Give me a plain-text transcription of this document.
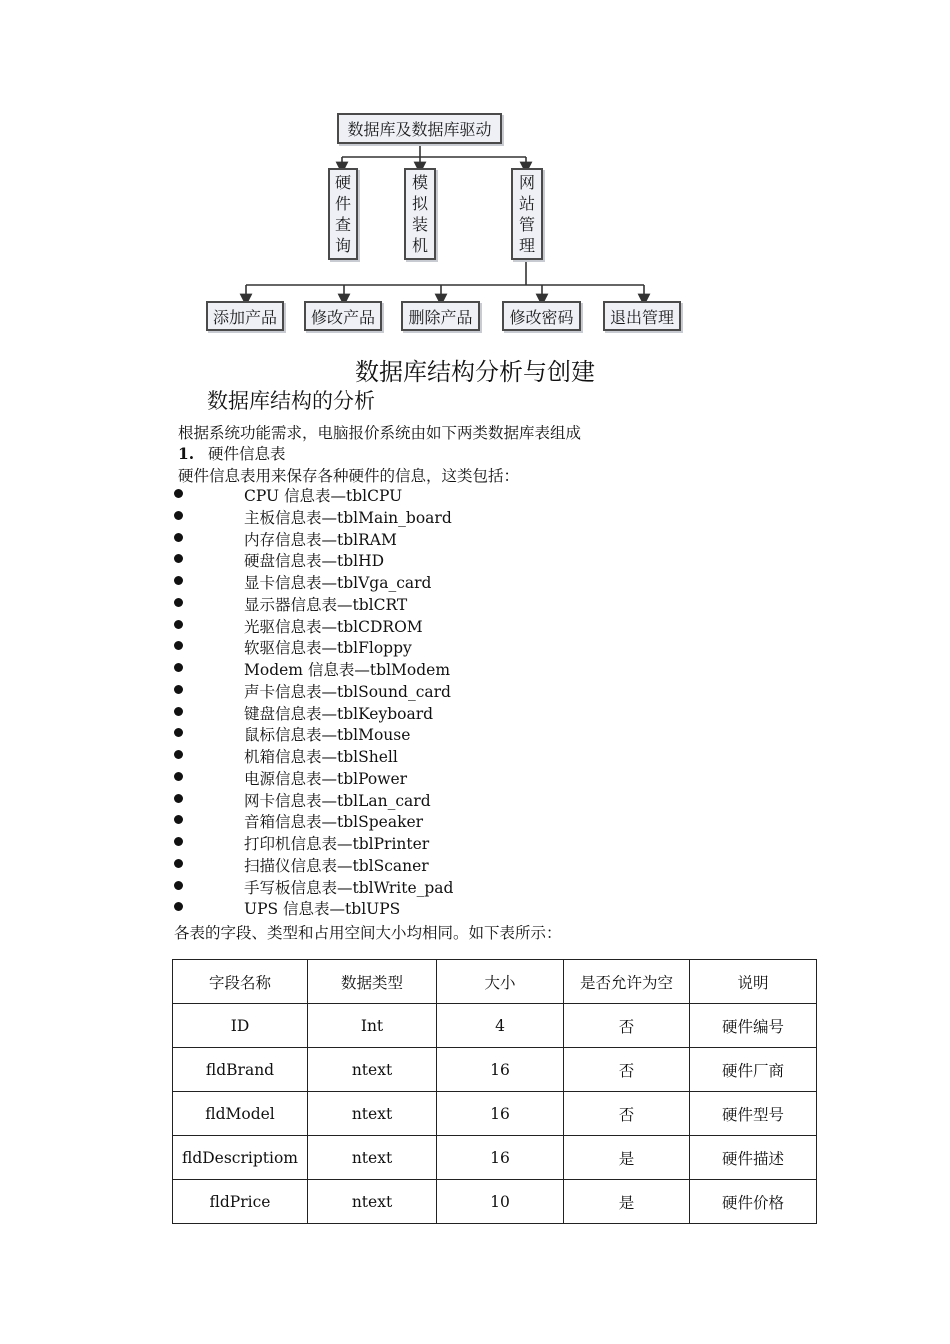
数据库及数据库驱动
硬
件
查
询
模
拟
装
机
网
站
管
理
添加产品 修改产品 删除产品 修改密码 退出管理
数据库结构分析与创建
数据库结构的分析
根据系统功能需求，电脑报价系统由如下两类数据库表组成
1. 硬件信息表
硬件信息表用来保存各种硬件的信息，这类包括：
CPU 信息表—tblCPU
主板信息表—tblMain_board
内存信息表—tblRAM
硬盘信息表—tblHD
显卡信息表—tblVga_card
显示器信息表—tblCRT
光驱信息表—tblCDROM
软驱信息表—tblFloppy
Modem 信息表—tblModem
声卡信息表—tblSound_card
键盘信息表—tblKeyboard
鼠标信息表—tblMouse
机箱信息表—tblShell
电源信息表—tblPower
网卡信息表—tblLan_card
音箱信息表—tblSpeaker
打印机信息表—tblPrinter
扫描仪信息表—tblScaner
手写板信息表—tblWrite_pad
UPS 信息表—tblUPS
各表的字段、类型和占用空间大小均相同。如下表所示：
字段名称	数据类型	大小	是否允许为空	说明
ID	Int	4	否	硬件编号
fldBrand	ntext	16	否	硬件厂商
fldModel	ntext	16	否	硬件型号
fldDescriptiom	ntext	16	是	硬件描述
fldPrice	ntext	10	是	硬件价格
